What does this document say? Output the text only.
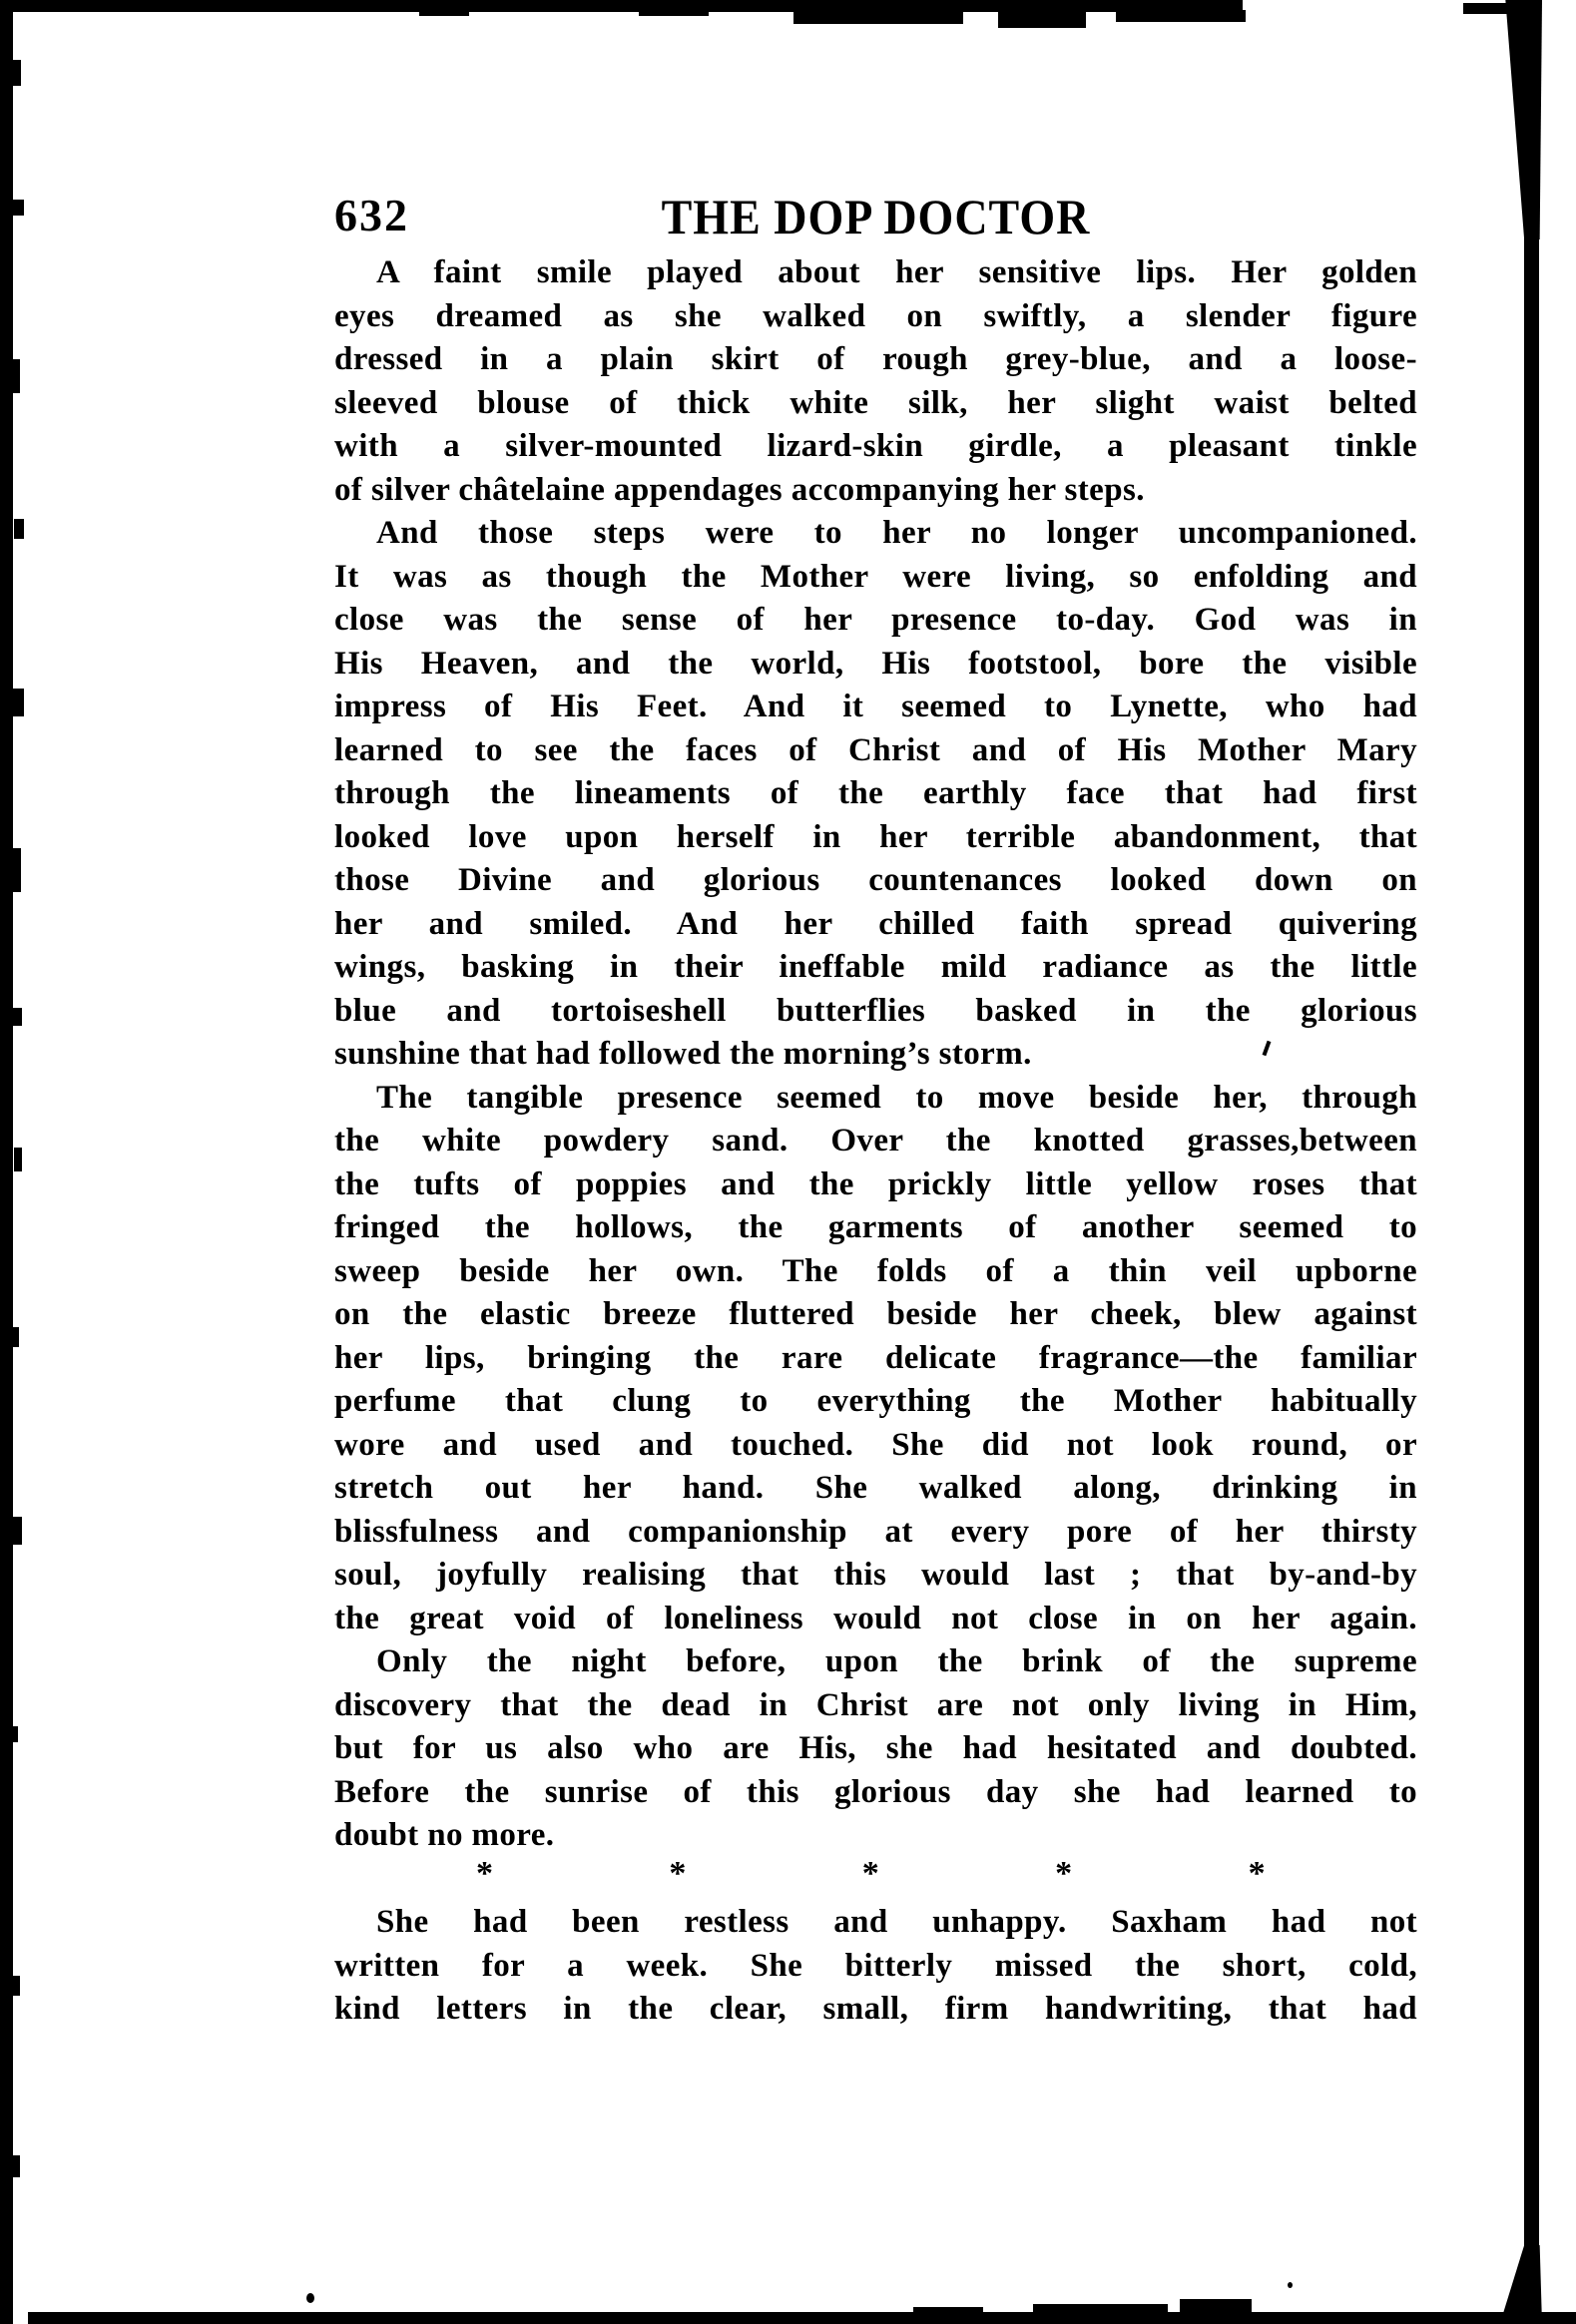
632	THE DOP DOCTOR
A faint smile played about her sensitive lips. Her golden
eyes dreamed as she walked on swiftly, a slender figure
dressed in a plain skirt of rough grey-blue, and a loose-
sleeved blouse of thick white silk, her slight waist belted
with a silver-mounted lizard-skin girdle, a pleasant tinkle
of silver châtelaine appendages accompanying her steps.
And those steps were to her no longer uncompanioned.
It was as though the Mother were living, so enfolding and
close was the sense of her presence to-day. God was in
His Heaven, and the world, His footstool, bore the visible
impress of His Feet. And it seemed to Lynette, who had
learned to see the faces of Christ and of His Mother Mary
through the lineaments of the earthly face that had first
looked love upon herself in her terrible abandonment, that
those Divine and glorious countenances looked down on
her and smiled. And her chilled faith spread quivering
wings, basking in their ineffable mild radiance as the little
blue and tortoiseshell butterflies basked in the glorious
sunshine that had followed the morning’s storm.
The tangible presence seemed to move beside her, through
the white powdery sand. Over the knotted grasses,between
the tufts of poppies and the prickly little yellow roses that
fringed the hollows, the garments of another seemed to
sweep beside her own. The folds of a thin veil upborne
on the elastic breeze fluttered beside her cheek, blew against
her lips, bringing the rare delicate fragrance—the familiar
perfume that clung to everything the Mother habitually
wore and used and touched. She did not look round, or
stretch out her hand. She walked along, drinking in
blissfulness and companionship at every pore of her thirsty
soul, joyfully realising that this would last ; that by-and-by
the great void of loneliness would not close in on her again.
Only the night before, upon the brink of the supreme
discovery that the dead in Christ are not only living in Him,
but for us also who are His, she had hesitated and doubted.
Before the sunrise of this glorious day she had learned to
doubt no more.
*	*	*	*	*
She had been restless and unhappy. Saxham had not
written for a week. She bitterly missed the short, cold,
kind letters in the clear, small, firm handwriting, that had
